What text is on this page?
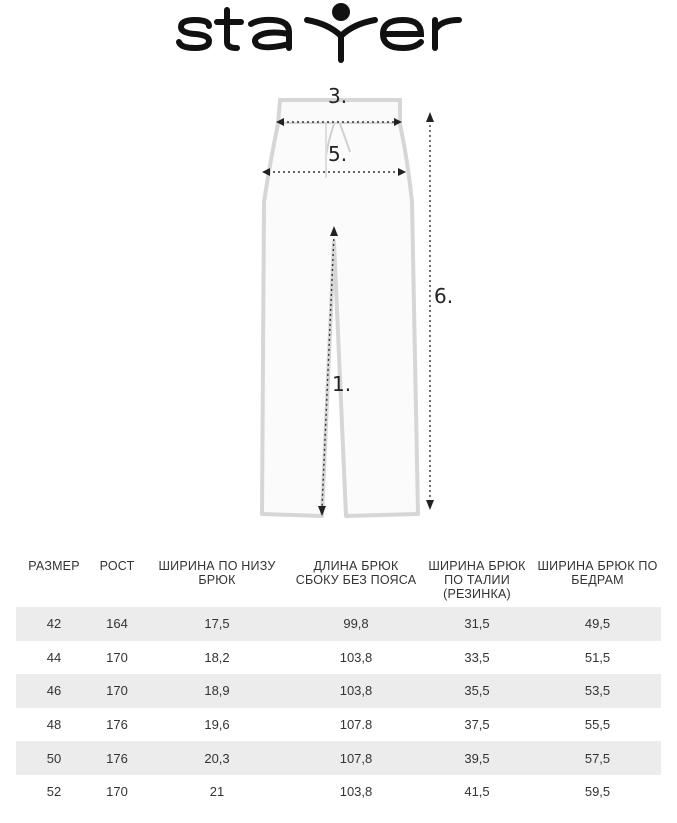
3.
5.
6.
1.
РАЗМЕР	РОСТ	ШИРИНА ПО НИЗУ БРЮК	ДЛИНА БРЮК СБОКУ БЕЗ ПОЯСА	ШИРИНА БРЮК ПО ТАЛИИ (РЕЗИНКА)	ШИРИНА БРЮК ПО БЕДРАМ
42	164	17,5	99,8	31,5	49,5
44	170	18,2	103,8	33,5	51,5
46	170	18,9	103,8	35,5	53,5
48	176	19,6	107.8	37,5	55,5
50	176	20,3	107,8	39,5	57,5
52	170	21	103,8	41,5	59,5
